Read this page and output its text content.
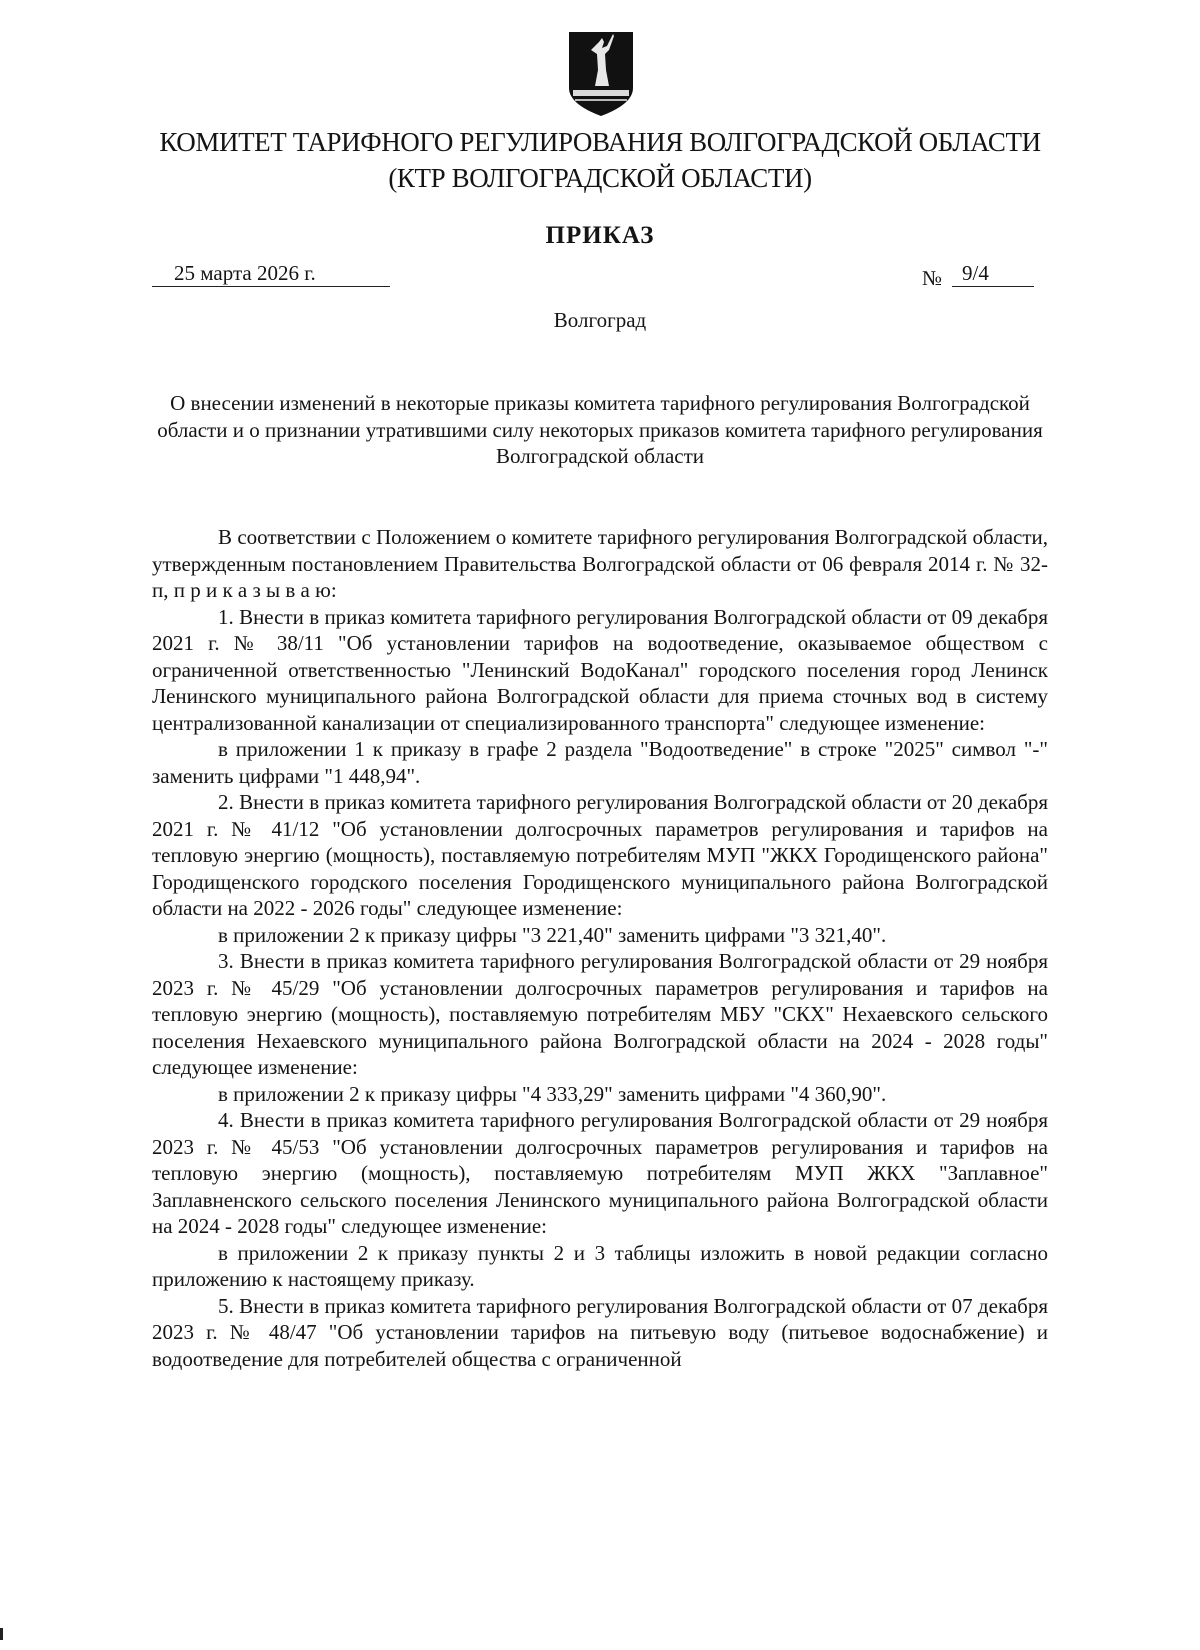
КОМИТЕТ ТАРИФНОГО РЕГУЛИРОВАНИЯ ВОЛГОГРАДСКОЙ ОБЛАСТИ
(КТР ВОЛГОГРАДСКОЙ ОБЛАСТИ)
ПРИКАЗ
25 марта 2026 г.	№ 9/4
Волгоград
О внесении изменений в некоторые приказы комитета тарифного регулирования Волгоградской области и о признании утратившими силу некоторых приказов комитета тарифного регулирования Волгоградской области

В соответствии с Положением о комитете тарифного регулирования Волгоградской области, утвержденным постановлением Правительства Волгоградской области от 06 февраля 2014 г. № 32-п, п р и к а з ы в а ю:

1. Внести в приказ комитета тарифного регулирования Волгоградской области от 09 декабря 2021 г. № 38/11 "Об установлении тарифов на водоотведение, оказываемое обществом с ограниченной ответственностью "Ленинский ВодоКанал" городского поселения город Ленинск Ленинского муниципального района Волгоградской области для приема сточных вод в систему централизованной канализации от специализированного транспорта" следующее изменение:

в приложении 1 к приказу в графе 2 раздела "Водоотведение" в строке "2025" символ "-" заменить цифрами "1 448,94".

2. Внести в приказ комитета тарифного регулирования Волгоградской области от 20 декабря 2021 г. № 41/12 "Об установлении долгосрочных параметров регулирования и тарифов на тепловую энергию (мощность), поставляемую потребителям МУП "ЖКХ Городищенского района" Городищенского городского поселения Городищенского муниципального района Волгоградской области на 2022 - 2026 годы" следующее изменение:

в приложении 2 к приказу цифры "3 221,40" заменить цифрами "3 321,40".

3. Внести в приказ комитета тарифного регулирования Волгоградской области от 29 ноября 2023 г. № 45/29 "Об установлении долгосрочных параметров регулирования и тарифов на тепловую энергию (мощность), поставляемую потребителям МБУ "СКХ" Нехаевского сельского поселения Нехаевского муниципального района Волгоградской области на 2024 - 2028 годы" следующее изменение:

в приложении 2 к приказу цифры "4 333,29" заменить цифрами "4 360,90".

4. Внести в приказ комитета тарифного регулирования Волгоградской области от 29 ноября 2023 г. № 45/53 "Об установлении долгосрочных параметров регулирования и тарифов на тепловую энергию (мощность), поставляемую потребителям МУП ЖКХ "Заплавное" Заплавненского сельского поселения Ленинского муниципального района Волгоградской области на 2024 - 2028 годы" следующее изменение:

в приложении 2 к приказу пункты 2 и 3 таблицы изложить в новой редакции согласно приложению к настоящему приказу.

5. Внести в приказ комитета тарифного регулирования Волгоградской области от 07 декабря 2023 г. № 48/47 "Об установлении тарифов на питьевую воду (питьевое водоснабжение) и водоотведение для потребителей общества с ограниченной
